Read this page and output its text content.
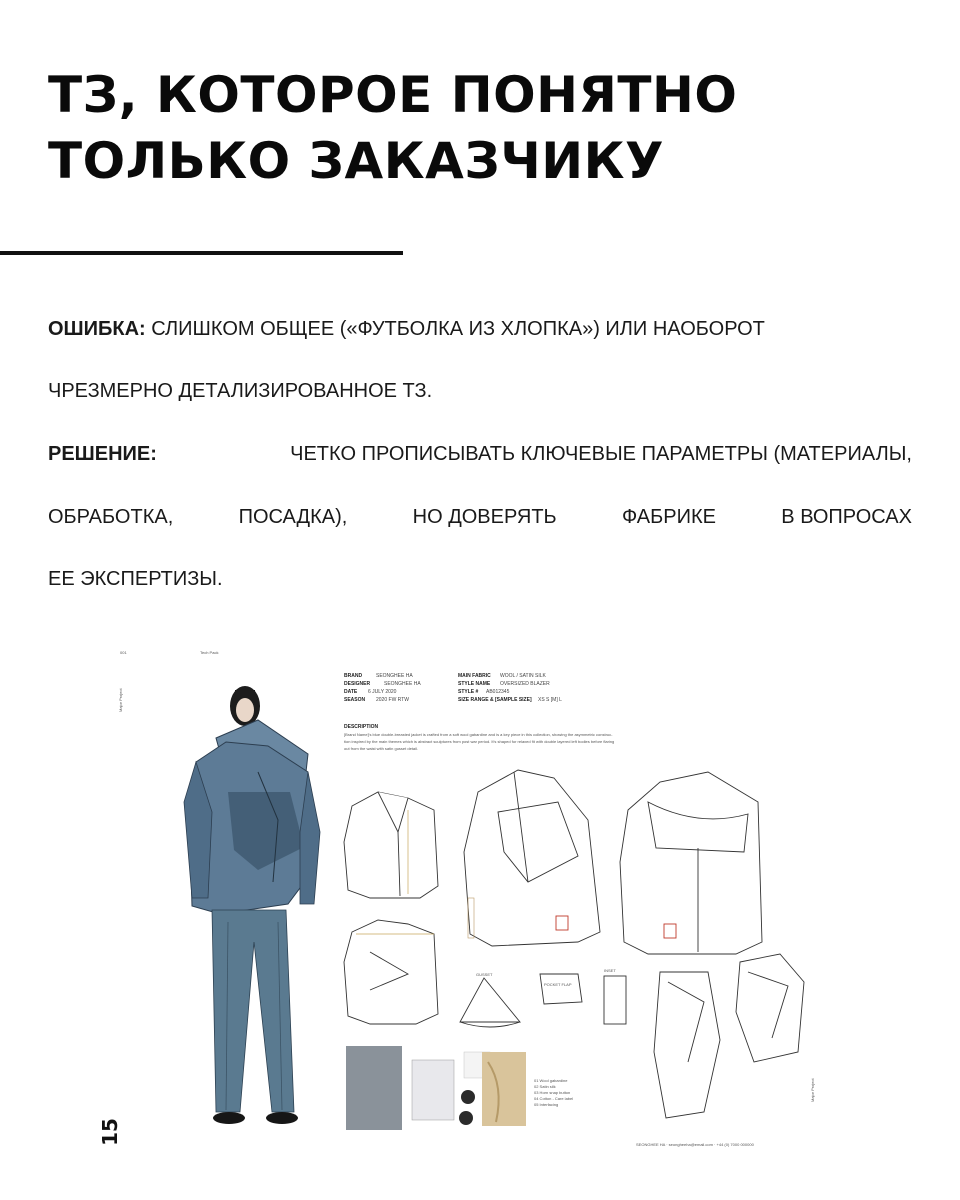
ТЗ, КОТОРОЕ ПОНЯТНО
ТОЛЬКО ЗАКАЗЧИКУ
ОШИБКА: СЛИШКОМ ОБЩЕЕ («ФУТБОЛКА ИЗ ХЛОПКА») ИЛИ НАОБОРОТ
ЧРЕЗМЕРНО ДЕТАЛИЗИРОВАННОЕ ТЗ.
РЕШЕНИЕ:	ЧЕТКО ПРОПИСЫВАТЬ КЛЮЧЕВЫЕ ПАРАМЕТРЫ (МАТЕРИАЛЫ,
ОБРАБОТКА,	ПОСАДКА),	НО ДОВЕРЯТЬ	ФАБРИКЕ	В ВОПРОСАХ
ЕЕ ЭКСПЕРТИЗЫ.
001	Tech Pack
Major Project
BRAND	SEONGHEE HA
DESIGNER	SEONGHEE HA
DATE 6 JULY 2020
SEASON 2020 FW RTW
MAIN FABRIC WOOL / SATIN SILK
STYLE NAME OVERSIZED BLAZER
STYLE # AB012345
SIZE RANGE & [SAMPLE SIZE] XS S [M] L
DESCRIPTION
[Brand Name]'s blue double-breasted jacket is crafted from a soft wool gabardine and is a key piece in this collection, showing the asymmetric construc-
tion inspired by the main themes which is abstract sculptures from post war period. It's shaped for relaxed fit with double layered left bodies before flaring
out from the waist with satin gusset detail.
GUSSET
POCKET FLAP
INSET
01 Wool gabardine
02 Satin silk
03 Horn snap button
04 Cotton - Care label
05 Interfacing
Major Project
SEONGHEE HA · seongheeha@email.com · +44 (0) 7000 000000
15
